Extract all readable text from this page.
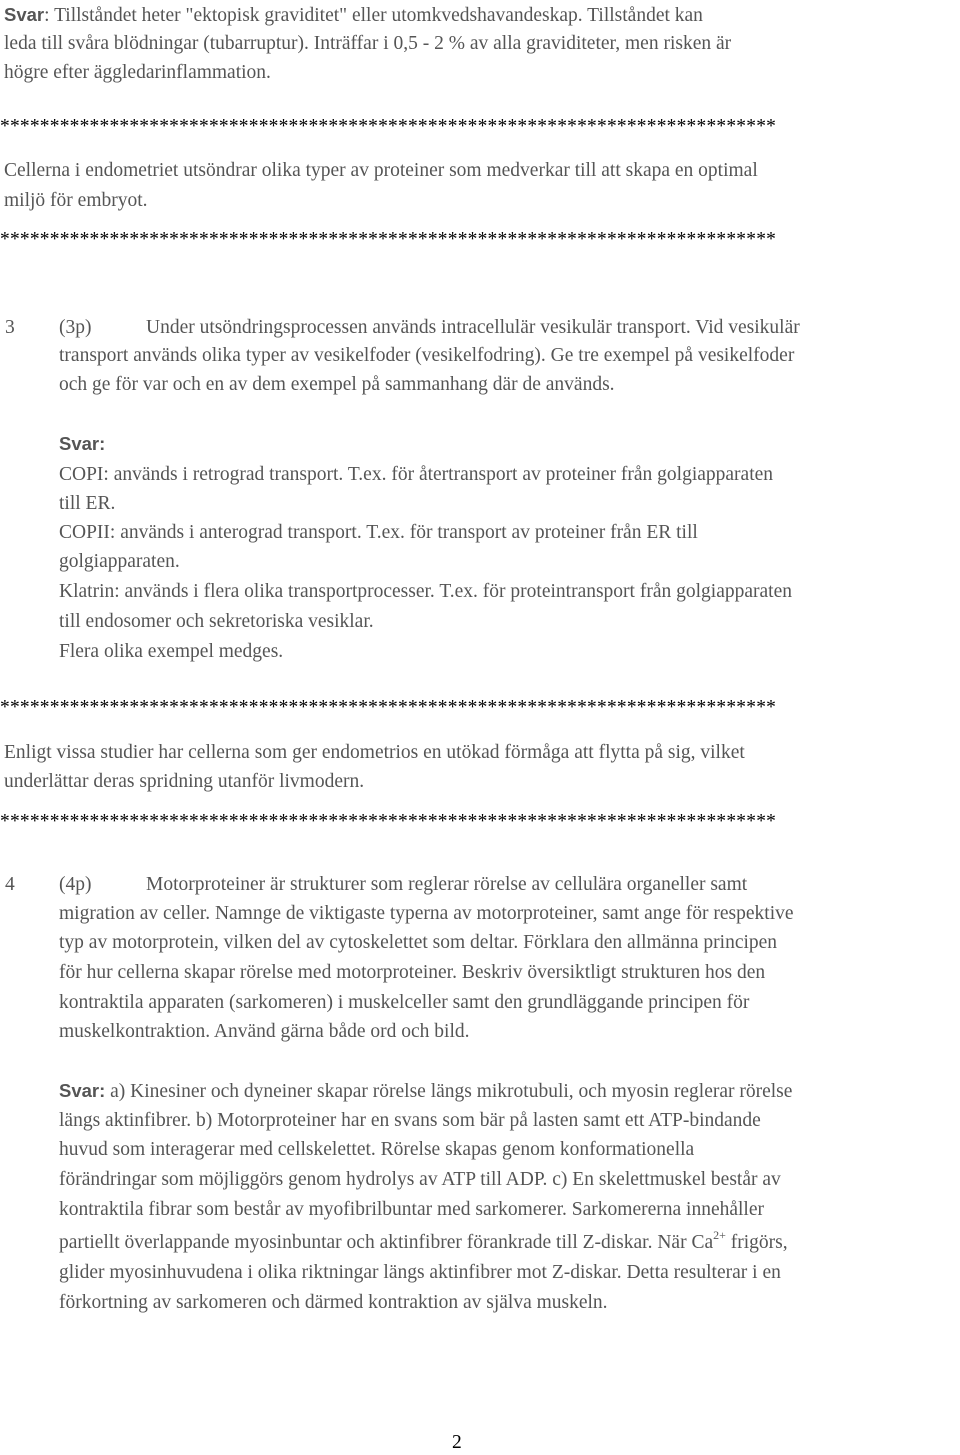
Svar: Tillståndet heter "ektopisk graviditet" eller utomkvedshavandeskap. Tillståndet kan
leda till svåra blödningar (tubarruptur). Inträffar i 0,5 - 2 % av alla graviditeter, men risken är
högre efter äggledarinflammation.
******************************************************************************
Cellerna i endometriet utsöndrar olika typer av proteiner som medverkar till att skapa en optimal
miljö för embryot.
******************************************************************************
3 (3p)	Under utsöndringsprocessen används intracellulär vesikulär transport. Vid vesikulär
transport används olika typer av vesikelfoder (vesikelfodring). Ge tre exempel på vesikelfoder
och ge för var och en av dem exempel på sammanhang där de används.
Svar:
COPI: används i retrograd transport. T.ex. för återtransport av proteiner från golgiapparaten
till ER.
COPII: används i anterograd transport. T.ex. för transport av proteiner från ER till
golgiapparaten.
Klatrin: används i flera olika transportprocesser. T.ex. för proteintransport från golgiapparaten
till endosomer och sekretoriska vesiklar.
Flera olika exempel medges.
******************************************************************************
Enligt vissa studier har cellerna som ger endometrios en utökad förmåga att flytta på sig, vilket
underlättar deras spridning utanför livmodern.
******************************************************************************
4 (4p)	Motorproteiner är strukturer som reglerar rörelse av cellulära organeller samt
migration av celler. Namnge de viktigaste typerna av motorproteiner, samt ange för respektive
typ av motorprotein, vilken del av cytoskelettet som deltar. Förklara den allmänna principen
för hur cellerna skapar rörelse med motorproteiner. Beskriv översiktligt strukturen hos den
kontraktila apparaten (sarkomeren) i muskelceller samt den grundläggande principen för
muskelkontraktion. Använd gärna både ord och bild.
Svar: a) Kinesiner och dyneiner skapar rörelse längs mikrotubuli, och myosin reglerar rörelse
längs aktinfibrer. b) Motorproteiner har en svans som bär på lasten samt ett ATP-bindande
huvud som interagerar med cellskelettet. Rörelse skapas genom konformationella
förändringar som möjliggörs genom hydrolys av ATP till ADP. c) En skelettmuskel består av
kontraktila fibrar som består av myofibrilbuntar med sarkomerer. Sarkomererna innehåller
partiellt överlappande myosinbuntar och aktinfibrer förankrade till Z-diskar. När $Ca^{2+}$ frigörs,
glider myosinhuvudena i olika riktningar längs aktinfibrer mot Z-diskar. Detta resulterar i en
förkortning av sarkomeren och därmed kontraktion av själva muskeln.
2
